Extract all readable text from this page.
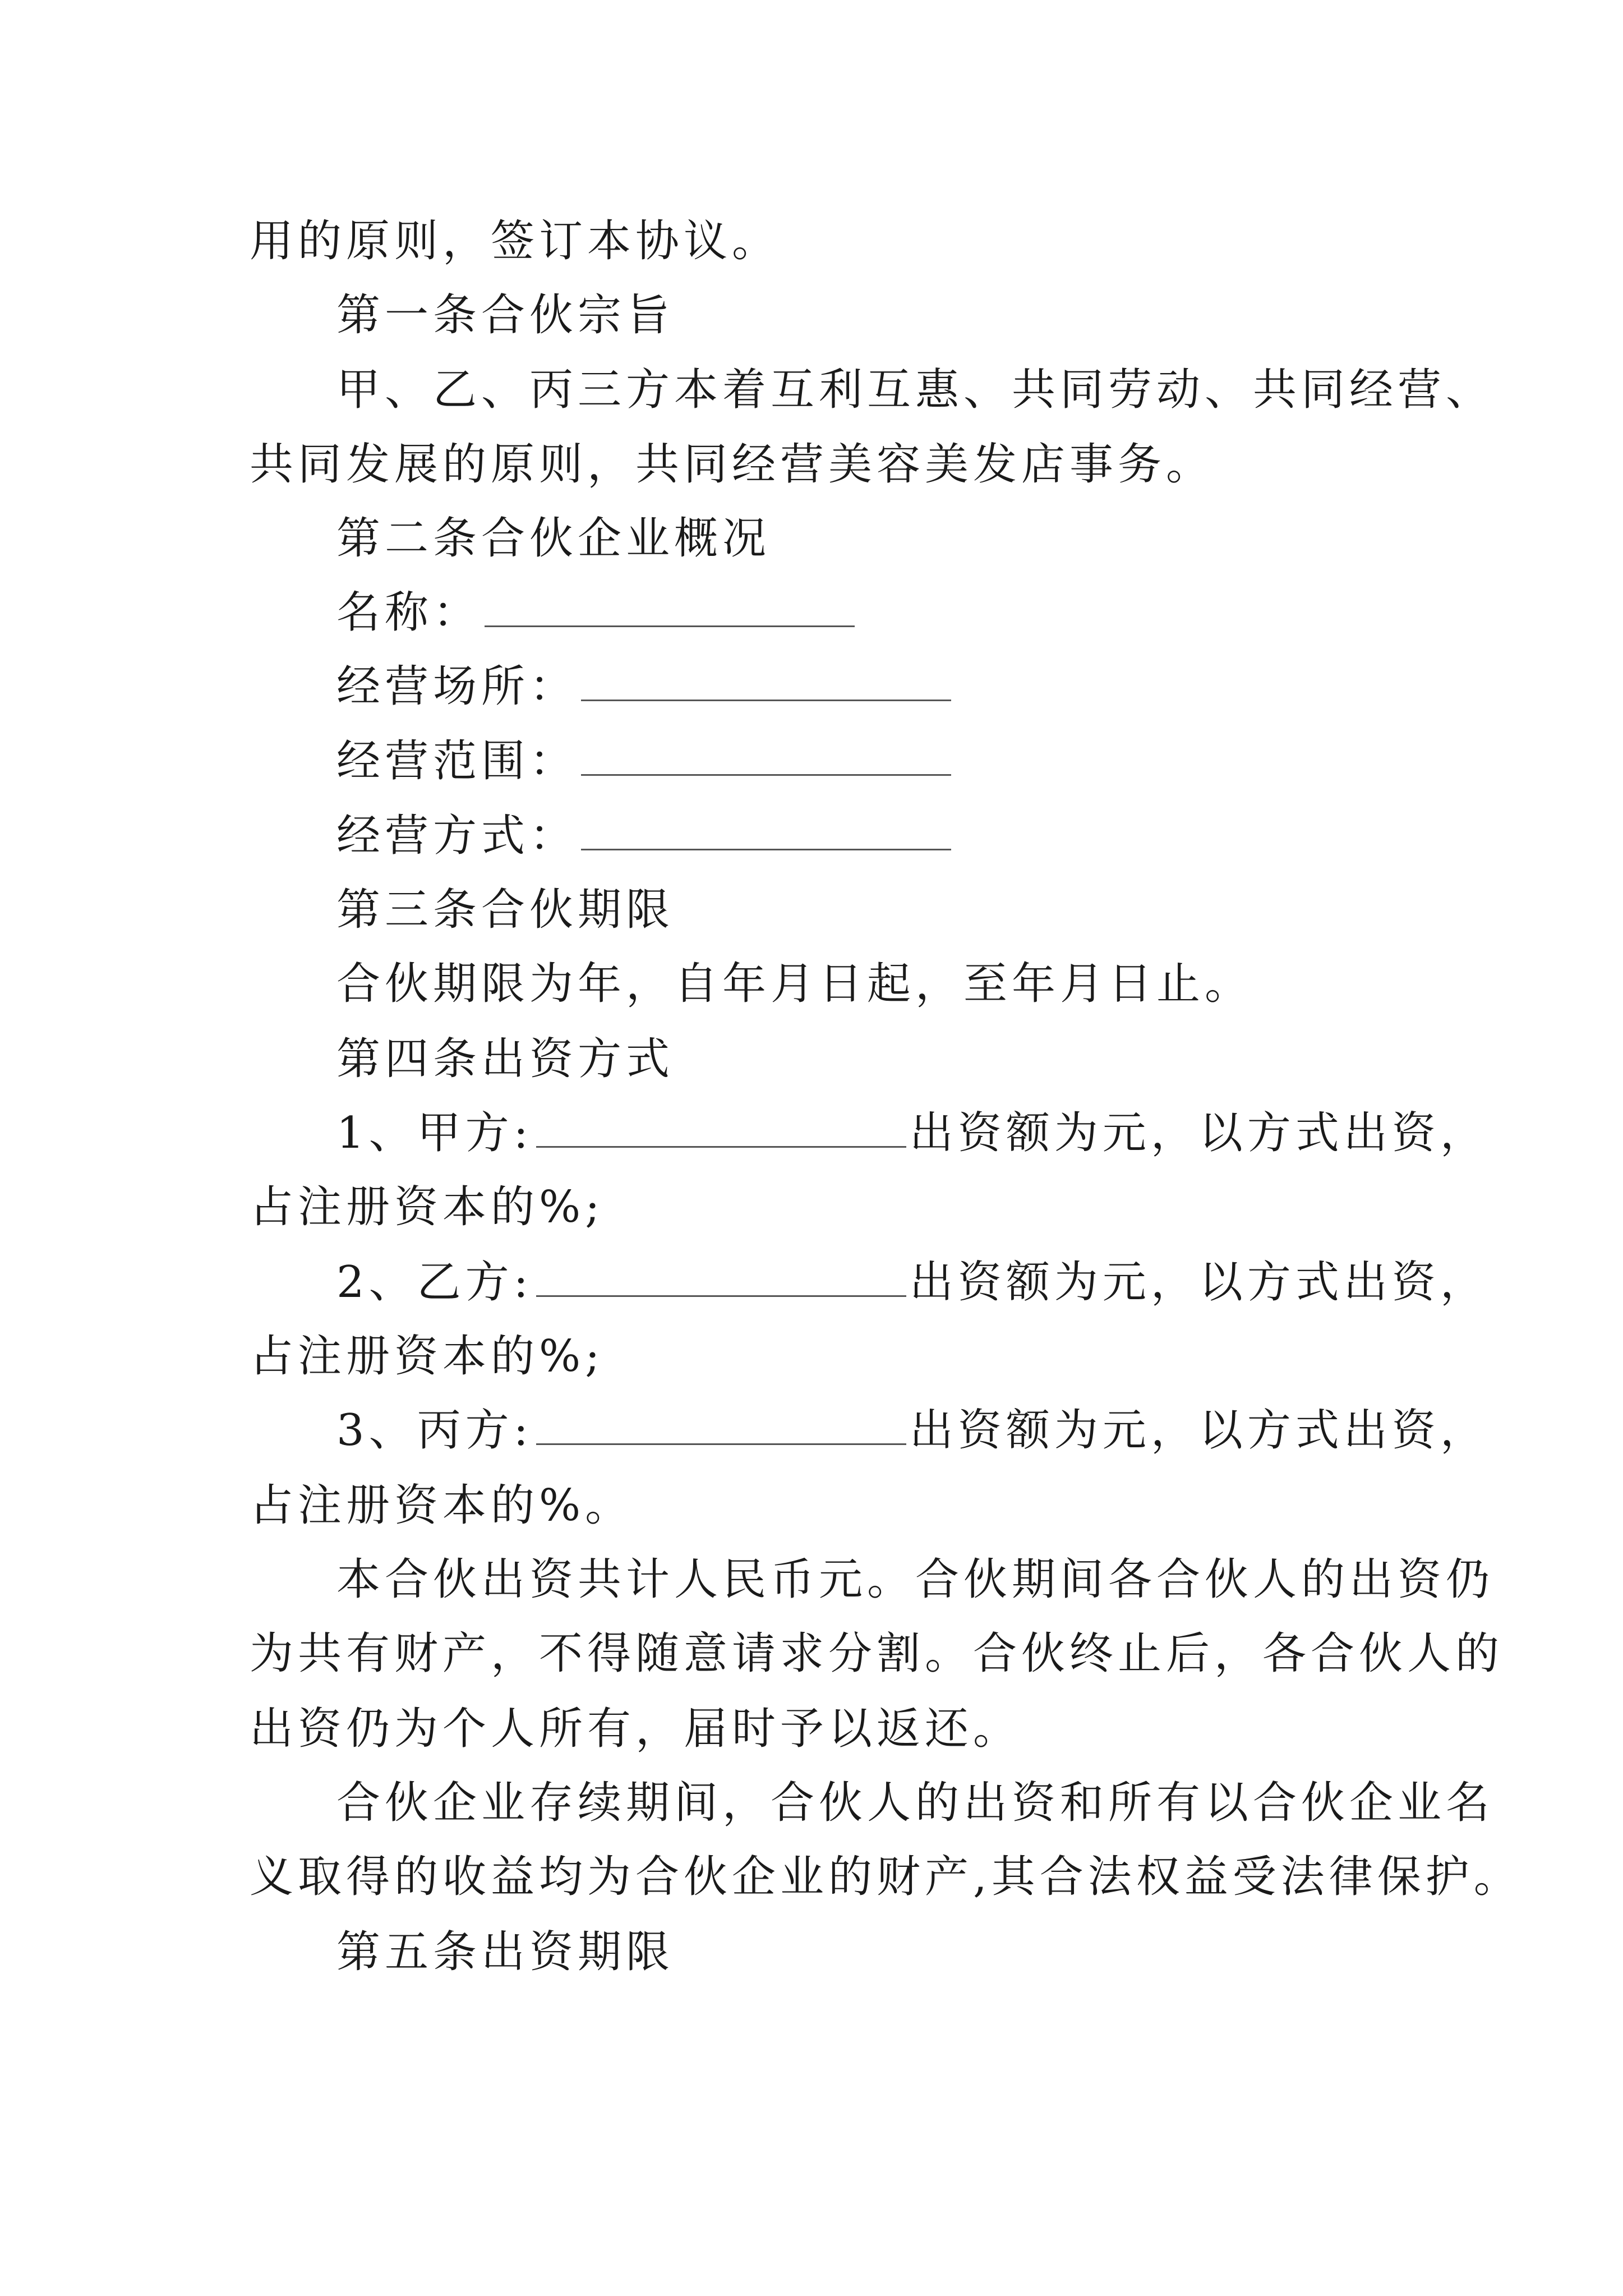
用的原则，签订本协议。
第一条合伙宗旨
甲、乙、丙三方本着互利互惠、共同劳动、共同经营、
共同发展的原则，共同经营美容美发店事务。
第二条合伙企业概况
名称：
经营场所：
经营范围：
经营方式：
第三条合伙期限
合伙期限为年，自年月日起，至年月日止。
第四条出资方式
1、甲方:	出资额为元，以方式出资，
占注册资本的%;
2、乙方:	出资额为元，以方式出资，
占注册资本的%;
3、丙方:	出资额为元，以方式出资，
占注册资本的%。
本合伙出资共计人民币元。合伙期间各合伙人的出资仍
为共有财产，不得随意请求分割。合伙终止后，各合伙人的
出资仍为个人所有，届时予以返还。
合伙企业存续期间，合伙人的出资和所有以合伙企业名
义取得的收益均为合伙企业的财产,其合法权益受法律保护。
第五条出资期限
